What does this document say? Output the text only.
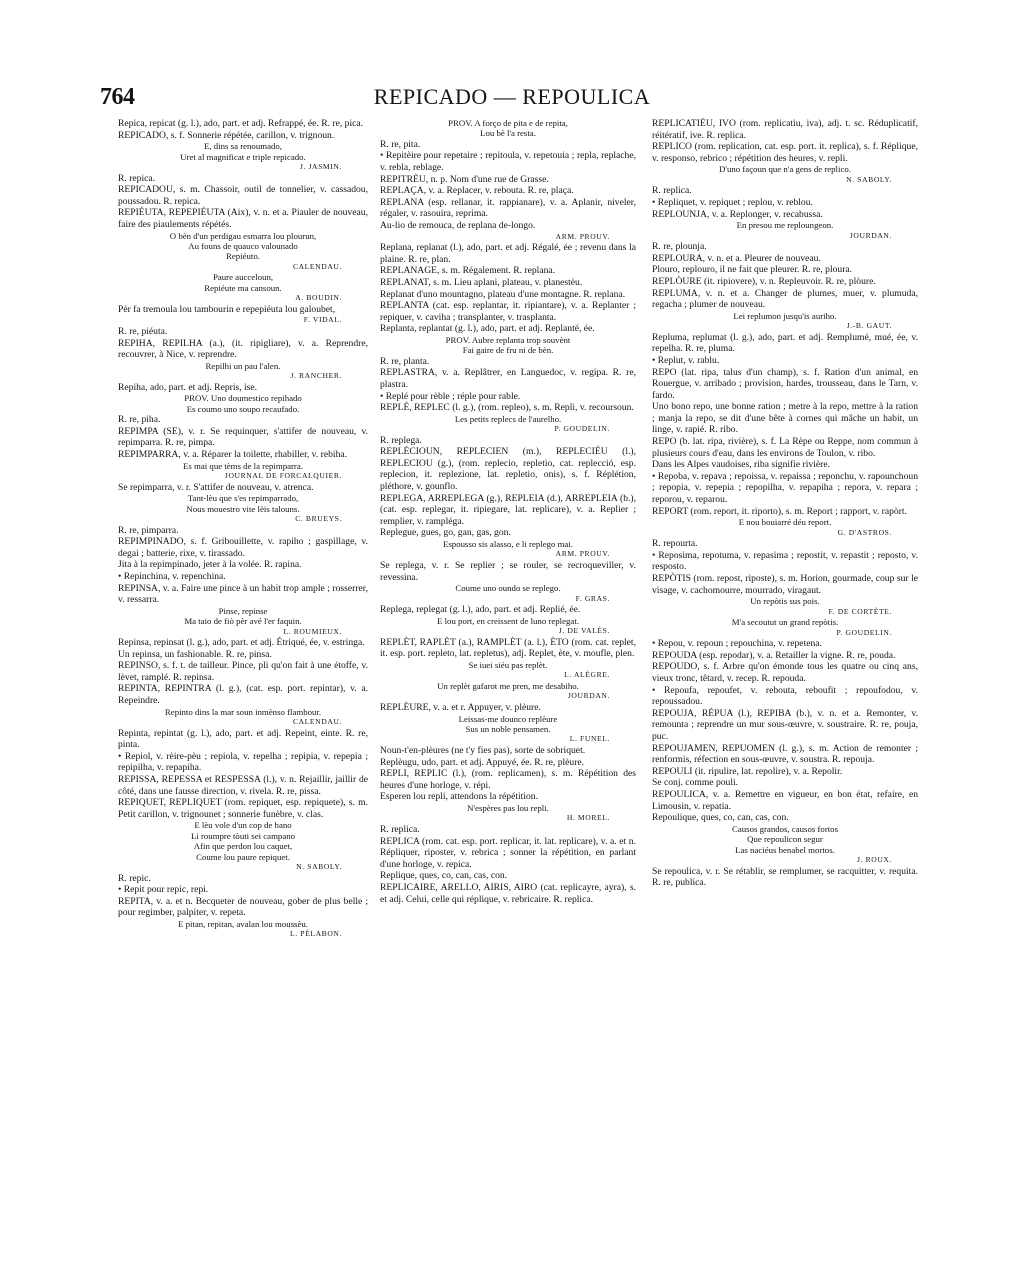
764	REPICADO — REPOULICA

Repica, repicat (g. l.), ado, part. et adj. Refrappé, ée. R. re, pica.

REPICADO, s. f. Sonnerie répétée, carillon, v. trignoun.

E, dins sa renoumado,

Uret al magnificat e triple repicado.

J. JASMIN.

R. repica.

REPICADOU, s. m. Chassoir, outil de tonnelier, v. cassadou, poussadou. R. repica.

REPIÉUTA, REPEPIÉUTA (Aix), v. n. et a. Piauler de nouveau, faire des piaulements répétés.

O bèn d'un perdigau esmarra lou plourun,

Au founs de quauco valounado

Repiéuto.

CALENDAU.

Paure aucceloun,

Repiéute ma cansoun.

A. BOUDIN.

Pèr fa tremoula lou tambourin e repepiéuta lou galoubet,

F. VIDAL.

R. re, piéuta.

REPIHA, REPILHA (a.), (it. ripigliare), v. a. Reprendre, recouvrer, à Nice, v. reprendre.

Repilhi un pau l'alen.

J. RANCHER.

Repiha, ado, part. et adj. Repris, ise.

PROV. Uno doumestico repihado

Es coumo uno soupo recaufado.

R. re, piha.

REPIMPA (SE), v. r. Se requinquer, s'attifer de nouveau, v. repimparra. R. re, pimpa.

REPIMPARRA, v. a. Réparer la toilette, rhabiller, v. rebiha.

Es mai que tèms de la repimparra.

JOURNAL DE FORCALQUIER.

Se repimparra, v. r. S'attifer de nouveau, v. atrenca.

Tant-lèu que s'es repimparrado,

Nous mouestro vite lèis talouns.

C. BRUEYS.

R. re, pimparra.

REPIMPINADO, s. f. Gribouillette, v. rapiho ; gaspillage, v. degai ; batterie, rixe, v. tirassado.

Jita à la repimpinado, jeter à la volée. R. rapina.

• Repinchina, v. repenchina.

REPINSA, v. a. Faire une pince à un habit trop ample ; rosserrer, v. ressarra.

Pinse, repinse

Ma taio de fiò pèr avé l'er faquin.

L. ROUMIEUX.

Repinsa, repinsat (l. g.), ado, part. et adj. Étriqué, ée, v. estringa.

Un repinsa, un fashionable. R. re, pinsa.

REPINSO, s. f. t. de tailleur. Pince, pli qu'on fait à une étoffe, v. lèvet, ramplé. R. repinsa.

REPINTA, REPINTRA (l. g.), (cat. esp. port. repintar), v. a. Repeindre.

Repinto dins la mar soun inmènso flambour.

CALENDAU.

Repinta, repintat (g. l.), ado, part. et adj. Repeint, einte. R. re, pinta.

• Repiol, v. rèire-pèu ; repiola, v. repelha ; repipia, v. repepia ; repipilha, v. repapiha.

REPISSA, REPESSA et RESPESSA (l.), v. n. Rejaillir, jaillir de côté, dans une fausse direction, v. rivela. R. re, pissa.

REPIQUET, REPLIQUET (rom. repiquet, esp. repiquete), s. m. Petit carillon, v. trignounet ; sonnerie funèbre, v. clas.

E lèu vole d'un cop de bano

Li roumpre tòuti sei campano

Afin que perdon lou caquet,

Coume lou paure repiquet.

N. SABOLY.

R. repic.

• Repit pour repic, repi.

REPITA, v. a. et n. Becqueter de nouveau, gober de plus belle ; pour regimber, palpiter, v. repeta.

E pitan, repitan, avalan lou moussèu.

L. PÉLABON.

PROV. A forço de pita e de repita,

Lou bè l'a resta.

R. re, pita.

• Repitèire pour repetaire ; repitoula, v. repetouia ; repla, replache, v. rebla, reblage.

REPITRÈU, n. p. Nom d'une rue de Grasse.

REPLAÇA, v. a. Replacer, v. rebouta. R. re, plaça.

REPLANA (esp. rellanar, it. rappianare), v. a. Aplanir, niveler, régaler, v. rasouira, reprima.

Au-lio de remouca, de replana de-longo.

ARM. PROUV.

Replana, replanat (l.), ado, part. et adj. Régalé, ée ; revenu dans la plaine. R. re, plan.

REPLANAGE, s. m. Régalement. R. replana.

REPLANAT, s. m. Lieu aplani, plateau, v. planestèu.

Replanat d'uno mountagno, plateau d'une montagne. R. replana.

REPLANTA (cat. esp. replantar, it. ripiantare), v. a. Replanter ; repiquer, v. caviha ; transplanter, v. trasplanta.

Replanta, replantat (g. l.), ado, part. et adj. Replanté, ée.

PROV. Aubre replanta trop souvènt

Fai gaire de fru ni de bèn.

R. re, planta.

REPLASTRA, v. a. Replâtrer, en Languedoc, v. regipa. R. re, plastra.

• Replé pour rèble ; réple pour rable.

REPLÉ, REPLEC (l. g.), (rom. repleo), s. m. Repli, v. recoursoun.

Les petits replecs de l'aurelho.

P. GOUDELIN.

R. replega.

REPLÉCIOUN, REPLECIEN (m.), REPLECIÉU (l.), REPLECIOU (g.), (rom. replecio, repletio, cat. replecció, esp. replecion, it. replezione, lat. repletio, onis), s. f. Réplétion, pléthore, v. gounflo.

REPLEGA, ARREPLEGA (g.), REPLEIA (d.), ARREPLEIA (b.), (cat. esp. replegar, it. ripiegare, lat. replicare), v. a. Replier ; remplier, v. rampléga.

Replegue, gues, go, gan, gas, gon.

Espousso sis alasso, e li replego mai.

ARM. PROUV.

Se replega, v. r. Se replier ; se rouler, se recroqueviller, v. revessina.

Coume uno oundo se replego.

F. GRAS.

Replega, replegat (g. l.), ado, part. et adj. Replié, ée.

E lou port, en creissent de luno replegat.

J. DE VALÈS.

REPLÈT, RAPLÈT (a.), RAMPLÈT (a. l.), ÈTO (rom. cat. replet, it. esp. port. repleto, lat. repletus), adj. Replet, ète, v. moufle, plen.

Se iuei siéu pas replèt.

L. ALÈGRE.

Un replèt gafarot me pren, me desabiho.

JOURDAN.

REPLÈURE, v. a. et r. Appuyer, v. plèure.

Leissas-me dounco replèure

Sus un noble pensamen.

L. FUNEL.

Noun-t'en-plèures (ne t'y fies pas), sorte de sobriquet.

Replèugu, udo, part. et adj. Appuyé, ée. R. re, plèure.

REPLI, REPLIC (l.), (rom. replicamen), s. m. Répétition des heures d'une horloge, v. répi.

Esperen lou repli, attendons la répétition.

N'espères pas lou repli.

H. MOREL.

R. replica.

REPLICA (rom. cat. esp. port. replicar, it. lat. replicare), v. a. et n. Répliquer, riposter, v. rebrica ; sonner la répétition, en parlant d'une horloge, v. repica.

Replique, ques, co, can, cas, con.

REPLICAIRE, ARELLO, AIRIS, AIRO (cat. replicayre, ayra), s. et adj. Celui, celle qui réplique, v. rebricaire. R. replica.

REPLICATIÉU, IVO (rom. replicatiu, iva), adj. t. sc. Réduplicatif, réitératif, ive. R. replica.

REPLICO (rom. replication, cat. esp. port. it. replica), s. f. Réplique, v. responso, rebrico ; répétition des heures, v. repli.

D'uno façoun que n'a gens de replico.

N. SABOLY.

R. replica.

• Repliquet, v. repiquet ; replou, v. reblou.

REPLOUNJA, v. a. Replonger, v. recabussa.

En presou me reploungeon.

JOURDAN.

R. re, plounja.

REPLOURA, v. n. et a. Pleurer de nouveau.

Plouro, replouro, il ne fait que pleurer. R. re, ploura.

REPLÒURE (it. ripiovere), v. n. Repleuvoir. R. re, plòure.

REPLUMA, v. n. et a. Changer de plumes, muer, v. plumuda, regacha ; plumer de nouveau.

Lei replumon jusqu'is auriho.

J.-B. GAUT.

Repluma, replumat (l. g.), ado, part. et adj. Remplumé, mué, ée, v. repelha. R. re, pluma.

• Replut, v. rablu.

REPO (lat. ripa, talus d'un champ), s. f. Ration d'un animal, en Rouergue, v. arribado ; provision, hardes, trousseau, dans le Tarn, v. fardo.

Uno bono repo, une bonne ration ; metre à la repo, mettre à la ration ; manja la repo, se dit d'une bête à cornes qui mâche un habit, un linge, v. rapié. R. ribo.

REPO (b. lat. ripa, rivière), s. f. La Rèpe ou Reppe, nom commun à plusieurs cours d'eau, dans les environs de Toulon, v. ribo.

Dans les Alpes vaudoises, riba signifie rivière.

• Repoba, v. repava ; repoissa, v. repaissa ; reponchu, v. rapounchoun ; repopia, v. repepia ; repopilha, v. repapiha ; repora, v. repara ; reporou, v. reparou.

REPORT (rom. report, it. riporto), s. m. Report ; rapport, v. rapòrt.

E nou bouiarré déu report.

G. D'ASTROS.

R. repourta.

• Reposima, repotuma, v. repasima ; repostit, v. repastit ; reposto, v. resposto.

REPÒTIS (rom. repost, riposte), s. m. Horion, gourmade, coup sur le visage, v. cachomourre, mourrado, viragaut.

Un repòtis sus pois.

F. DE CORTÈTE.

M'a secoutut un grand repòtis.

P. GOUDELIN.

• Repou, v. repoun ; repouchina, v. repetena.

REPOUDA (esp. repodar), v. a. Retailler la vigne. R. re, pouda.

REPOUDO, s. f. Arbre qu'on émonde tous les quatre ou cinq ans, vieux tronc, têtard, v. recep. R. repouda.

• Repoufa, repoufet, v. rebouta, reboufit ; repoufodou, v. repoussadou.

REPOUJA, RÉPUA (l.), REPIBA (b.), v. n. et a. Remonter, v. remounta ; reprendre un mur sous-œuvre, v. soustraire. R. re, pouja, puc.

REPOUJAMEN, REPUOMEN (l. g.), s. m. Action de remonter ; renformis, réfection en sous-œuvre, v. soustra. R. repouja.

REPOULI (it. ripulire, lat. repolire), v. a. Repolir.

Se conj. comme pouli.

REPOULICA, v. a. Remettre en vigueur, en bon état, refaire, en Limousin, v. repatia.

Repoulique, ques, co, can, cas, con.

Causos grandos, causos fortos

Que repoulicon segur

Las naciéus benabel mortos.

J. ROUX.

Se repoulica, v. r. Se rétablir, se remplumer, se racquitter, v. requita. R. re, publica.
